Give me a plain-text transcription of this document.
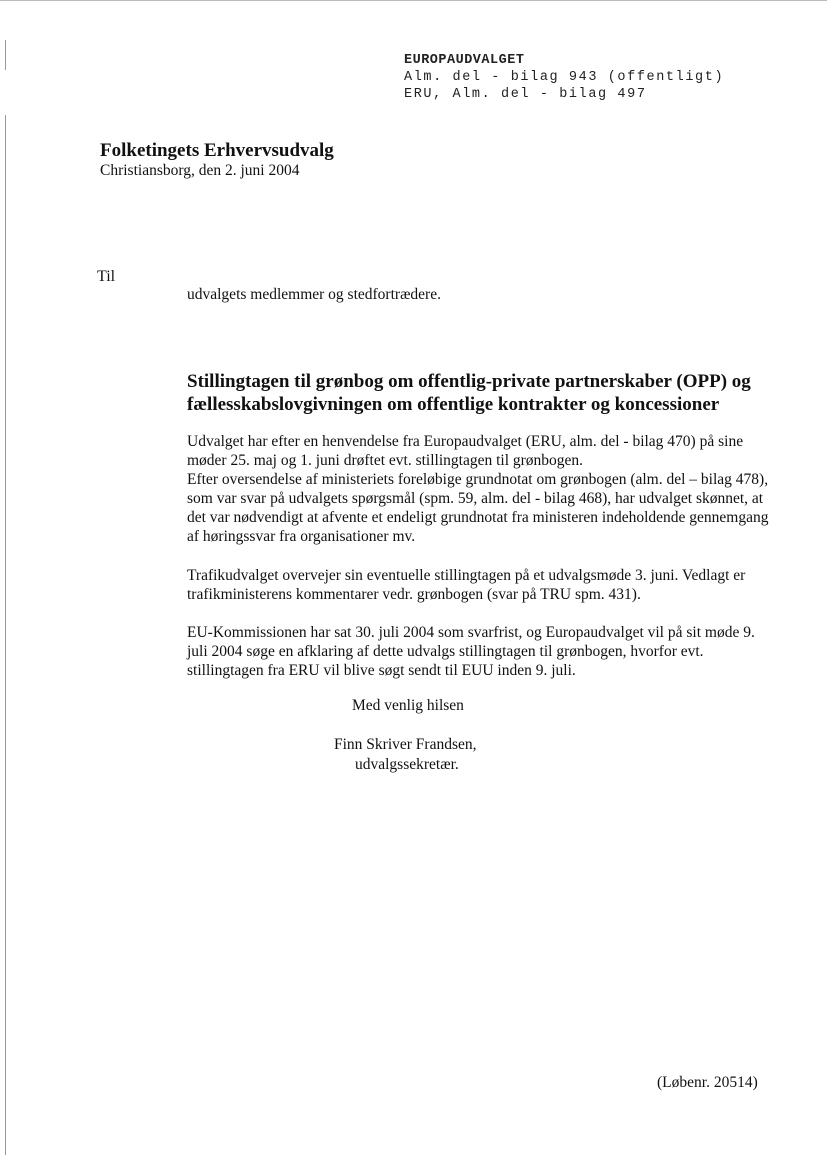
EUROPAUDVALGET
Alm. del - bilag 943 (offentligt)
ERU, Alm. del - bilag 497
Folketingets Erhvervsudvalg
Christiansborg, den 2. juni 2004
Til
udvalgets medlemmer og stedfortrædere.
Stillingtagen til grønbog om offentlig-private partnerskaber (OPP) og fællesskabslovgivningen om offentlige kontrakter og koncessioner
Udvalget har efter en henvendelse fra Europaudvalget (ERU, alm. del - bilag 470) på sine møder 25. maj og 1. juni drøftet evt. stillingtagen til grønbogen.
Efter oversendelse af ministeriets foreløbige grundnotat om grønbogen (alm. del – bilag 478), som var svar på udvalgets spørgsmål (spm. 59, alm. del - bilag 468), har udvalget skønnet, at det var nødvendigt at afvente et endeligt grundnotat fra ministeren indeholdende gennemgang af høringssvar fra organisationer mv.
Trafikudvalget overvejer sin eventuelle stillingtagen på et udvalgsmøde 3. juni. Vedlagt er trafikministerens kommentarer vedr. grønbogen (svar på TRU spm. 431).
EU-Kommissionen har sat 30. juli 2004 som svarfrist, og Europaudvalget vil på sit møde 9. juli 2004 søge en afklaring af dette udvalgs stillingtagen til grønbogen, hvorfor evt. stillingtagen fra ERU vil blive søgt sendt til EUU inden 9. juli.
Med venlig hilsen
Finn Skriver Frandsen,
udvalgssekretær.
(Løbenr. 20514)
